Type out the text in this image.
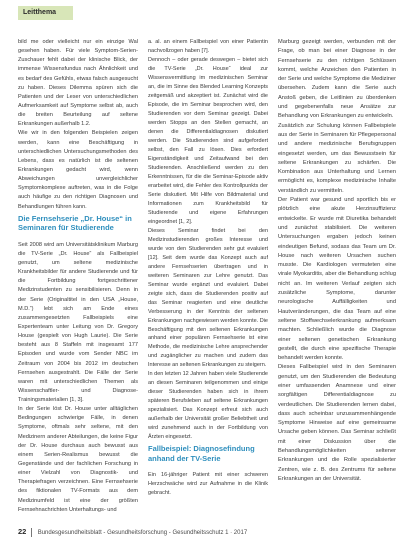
Leitthema

bild me oder vielleicht nur ein einzige Wal gesehen haben. Für viele Symptom-Serien-Zuschauer fehlt dabei der klinische Blick, der immense Wissensfundus nach Ähnlichkeit und es bedarf des Gefühls, etwas falsch ausgesucht zu haben. Dieses Dilemma spüren sich die Patienten und der Leser von unterschiedlichen Aufmerksamkeit auf Symptome selbst ab, auch die breiten Beurteilung auf seltene Erkrankungen außerhalb 1.2.

Wie wir in den folgenden Beispielen zeigen werden, kann eine Beschäftigung in unterschiedlichen Untersuchungsmethoden des Lebens, dass es natürlich ist die seltenen Erkrankungen gedacht wird, wenn Abweichungen unvergleichlicher Symptomkomplexe auftreten, was in die Folge auch häufige zu den richtigen Diagnosen und Behandlungen führen kann.

Die Fernsehserie „Dr. House“ in Seminaren für Studierende

Seit 2008 wird am Universitätsklinikum Marburg die TV-Serie „Dr. House“ als Fallbeispiel genutzt, um seltene medizinische Krankheitsbilder für andere Studierende und für die Fortbildung fortgeschrittener Medizinstudenten zu sensibilisieren. Denn in der Serie (Originaltitel in den USA „House, M.D.“) lebt sich am Ende eines zusammengesetzten Fallbeispiels eine Expertenteam unter Leitung von Dr. Gregory House (gespielt von Hugh Laurie). Die Serie besteht aus 8 Staffeln mit insgesamt 177 Episoden und wurde vom Sender NBC im Zeitraum von 2004 bis 2012 im deutschen Fernsehen ausgestrahlt. Die Fälle der Serie waren mit unterschiedlichen Themen als Wissenschaftler- und Diagnose-Trainingsmaterialien [1, 3].

In der Serie löst Dr. House unter alltäglichen Bedingungen schwierige Fälle, in denen Symptome, oftmals sehr seltene, mit den Medizinern anderer Abteilungen, die keine Figur der Dr. House durchaus auch bewusst aus einem Serien-Realismus bewusst die Gegenstände und der fachlichen Forschung in einer Vielzahl von Diagnostik- und Therapiefragen verzeichnen. Eine Fernsehserie des fiktionalen TV-Formats aus dem Medizinumfeld ist eine der größten Fernsehnachrichten Unterhaltungs- und

a. al. an einem Fallbeispiel von einer Patientin nachvollzogen haben [7].

Dennoch – oder gerade deswegen – bietet sich die TV-Serie „Dr. House“ ideal zur Wissensvermittlung im medizinischen Seminar an, die im Sinne des Blended Learning Konzepts zeitgemäß und akzeptiert ist. Zunächst wird die Episode, die im Seminar besprochen wird, den Studierenden vor dem Seminar gezeigt. Dabei werden Stopps an den Stellen gemacht, an denen die Differentialdiagnosen diskutiert werden. Die Studierenden sind aufgefordert selbst, den Fall zu lösen. Dies erfordert Eigenständigkeit und Zeitaufwand bei den Studierenden. Anschließend werden zu den Erkenntnissen, für die die Seminar-Episode aktiv erarbeitet wird, die Fehler des Kontrollpunkts der Serie diskutiert. Mit Hilfe von Bildmaterial und Informationen zum Krankheitsbild für Studierende und eigene Erfahrungen eingeordnet [1, 2].

Dieses Seminar findet bei den Medizinstudierenden großes Interesse und wurde von den Studierenden sehr gut evaluiert [12]. Seit dem wurde das Konzept auch auf andere Fernsehserien übertragen und in weiteren Seminaren zur Lehre genutzt. Das Seminar wurde ergänzt und evaluiert. Dabei zeigte sich, dass die Studierenden positiv auf das Seminar reagierten und eine deutliche Verbesserung in der Kenntnis der seltenen Erkrankungen nachgewiesen werden konnte. Die Beschäftigung mit den seltenen Erkrankungen anhand einer populären Fernsehserie ist eine Methode, die medizinische Lehre ansprechender und zugänglicher zu machen und zudem das Interesse an seltenen Erkrankungen zu steigern.

In den letzten 12 Jahren haben viele Studierende an diesen Seminaren teilgenommen und einige dieser Studierenden haben sich in ihrem späteren Berufsleben auf seltene Erkrankungen spezialisiert. Das Konzept erfreut sich auch außerhalb der Universität großer Beliebtheit und wird zunehmend auch in der Fortbildung von Ärzten eingesetzt.

Fallbeispiel: Diagnosefindung anhand der TV-Serie

Ein 16-jähriger Patient mit einer schweren Herzschwäche wird zur Aufnahme in die Klinik gebracht.

Marburg gezeigt werden, verbunden mit der Frage, ob man bei einer Diagnose in der Fernsehserie zu den richtigen Schlüssen kommt, welche Anzeichen den Patienten in der Serie und welche Symptome die Mediziner übersehen. Zudem kann die Serie auch Anstoß geben, die Leitlinien zu überdenken und gegebenenfalls neue Ansätze zur Behandlung von Erkrankungen zu entwickeln.

Zusätzlich zur Schulung können Fallbeispiele aus der Serie in Seminaren für Pflegepersonal und andere medizinische Berufsgruppen eingesetzt werden, um das Bewusstsein für seltene Erkrankungen zu schärfen. Die Kombination aus Unterhaltung und Lernen ermöglicht es, komplexe medizinische Inhalte verständlich zu vermitteln.

Der Patient war gesund und sportlich bis er plötzlich eine akute Herzinsuffizienz entwickelte. Er wurde mit Diuretika behandelt und zunächst stabilisiert. Die weiteren Untersuchungen ergaben jedoch keinen eindeutigen Befund, sodass das Team um Dr. House nach weiteren Ursachen suchen musste. Die Kardiologen vermuteten eine virale Myokarditis, aber die Behandlung schlug nicht an. Im weiteren Verlauf zeigten sich zusätzliche Symptome, darunter neurologische Auffälligkeiten und Hautveränderungen, die das Team auf eine seltene Stoffwechselerkrankung aufmerksam machten. Schließlich wurde die Diagnose einer seltenen genetischen Erkrankung gestellt, die durch eine spezifische Therapie behandelt werden konnte.

Dieses Fallbeispiel wird in den Seminaren genutzt, um den Studierenden die Bedeutung einer umfassenden Anamnese und einer sorgfältigen Differentialdiagnose zu verdeutlichen. Die Studierenden lernen dabei, dass auch scheinbar unzusammenhängende Symptome Hinweise auf eine gemeinsame Ursache geben können. Das Seminar schließt mit einer Diskussion über die Behandlungsmöglichkeiten seltener Erkrankungen und die Rolle spezialisierter Zentren, wie z. B. des Zentrums für seltene Erkrankungen an der Universität.

22 Bundesgesundheitsblatt - Gesundheitsforschung - Gesundheitsschutz 1 · 2017
